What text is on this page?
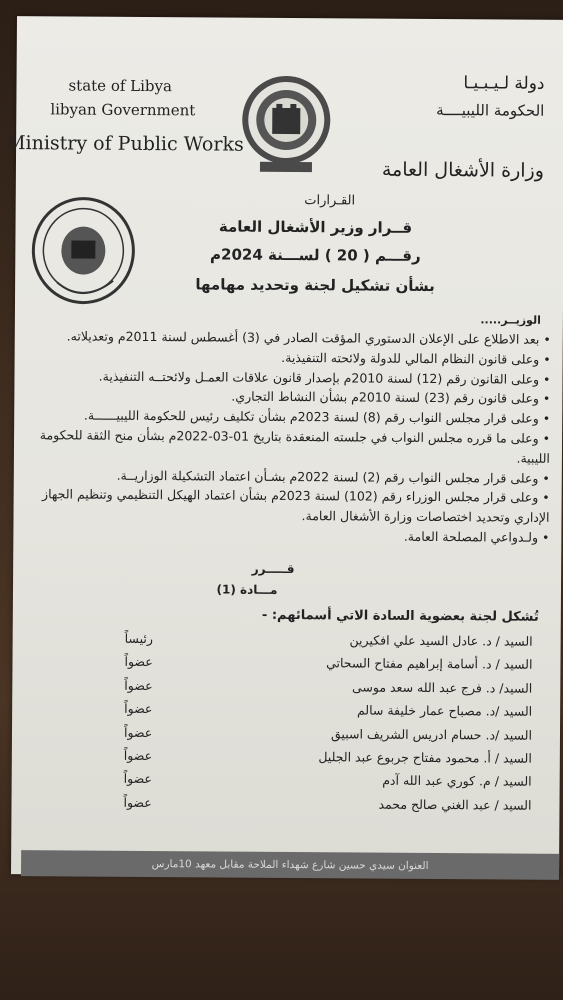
state of Libya
libyan Government
Ministry of Public Works
دولة لـيـبـيـا
الحكومة الليبيــــة
وزارة الأشغال العامة
القـرارات
قــرار وزير الأشغال العامة
رقـــم ( 20 ) لســـنة 2024م
بشأن تشكيل لجنة وتحديد مهامها
الوزيــر.....
• بعد الاطلاع على الإعلان الدستوري المؤقت الصادر في (3) أغسطس لسنة 2011م وتعديلاته.
• وعلى قانون النظام المالي للدولة ولائحته التنفيذية.
• وعلى القانون رقم (12) لسنة 2010م بإصدار قانون علاقات العمـل ولائحتــه التنفيذية.
• وعلى قانون رقم (23) لسنة 2010م بشأن النشاط التجاري.
• وعلى قرار مجلس النواب رقم (8) لسنة 2023م بشأن تكليف رئيس للحكومة الليبيــــــة.
• وعلى ما قرره مجلس النواب في جلسته المنعقدة بتاريخ 01-03-2022م بشأن منح الثقة للحكومة الليبية.
• وعلى قرار مجلس النواب رقم (2) لسنة 2022م بشـأن اعتماد التشكيلة الوزاريــة.
• وعلى قرار مجلس الوزراء رقم (102) لسنة 2023م بشأن اعتماد الهيكل التنظيمي وتنظيم الجهاز الإداري وتحديد اختصاصات وزارة الأشغال العامة.
• ولـدواعي المصلحة العامة.
قـــــرر
مـــادة (1)
تُشكل لجنة بعضوية السادة الاتي أسمائهم: -
السيد / د. عادل السيد علي افكيرين
رئيساً
السيد / د. أسامة إبراهيم مفتاح السحاتي
عضواً
السيد/ د. فرج عبد الله سعد موسى
عضواً
السيد /د. مصباح عمار خليفة سالم
عضواً
السيد /د. حسام ادريس الشريف اسبيق
عضواً
السيد / أ. محمود مفتاح جربوع عبد الجليل
عضواً
السيد / م. كوري عبد الله آدم
عضواً
السيد / عبد الغني صالح محمد
عضواً
العنوان سيدي حسين شارع شهداء الملاحة مقابل معهد 10مارس
